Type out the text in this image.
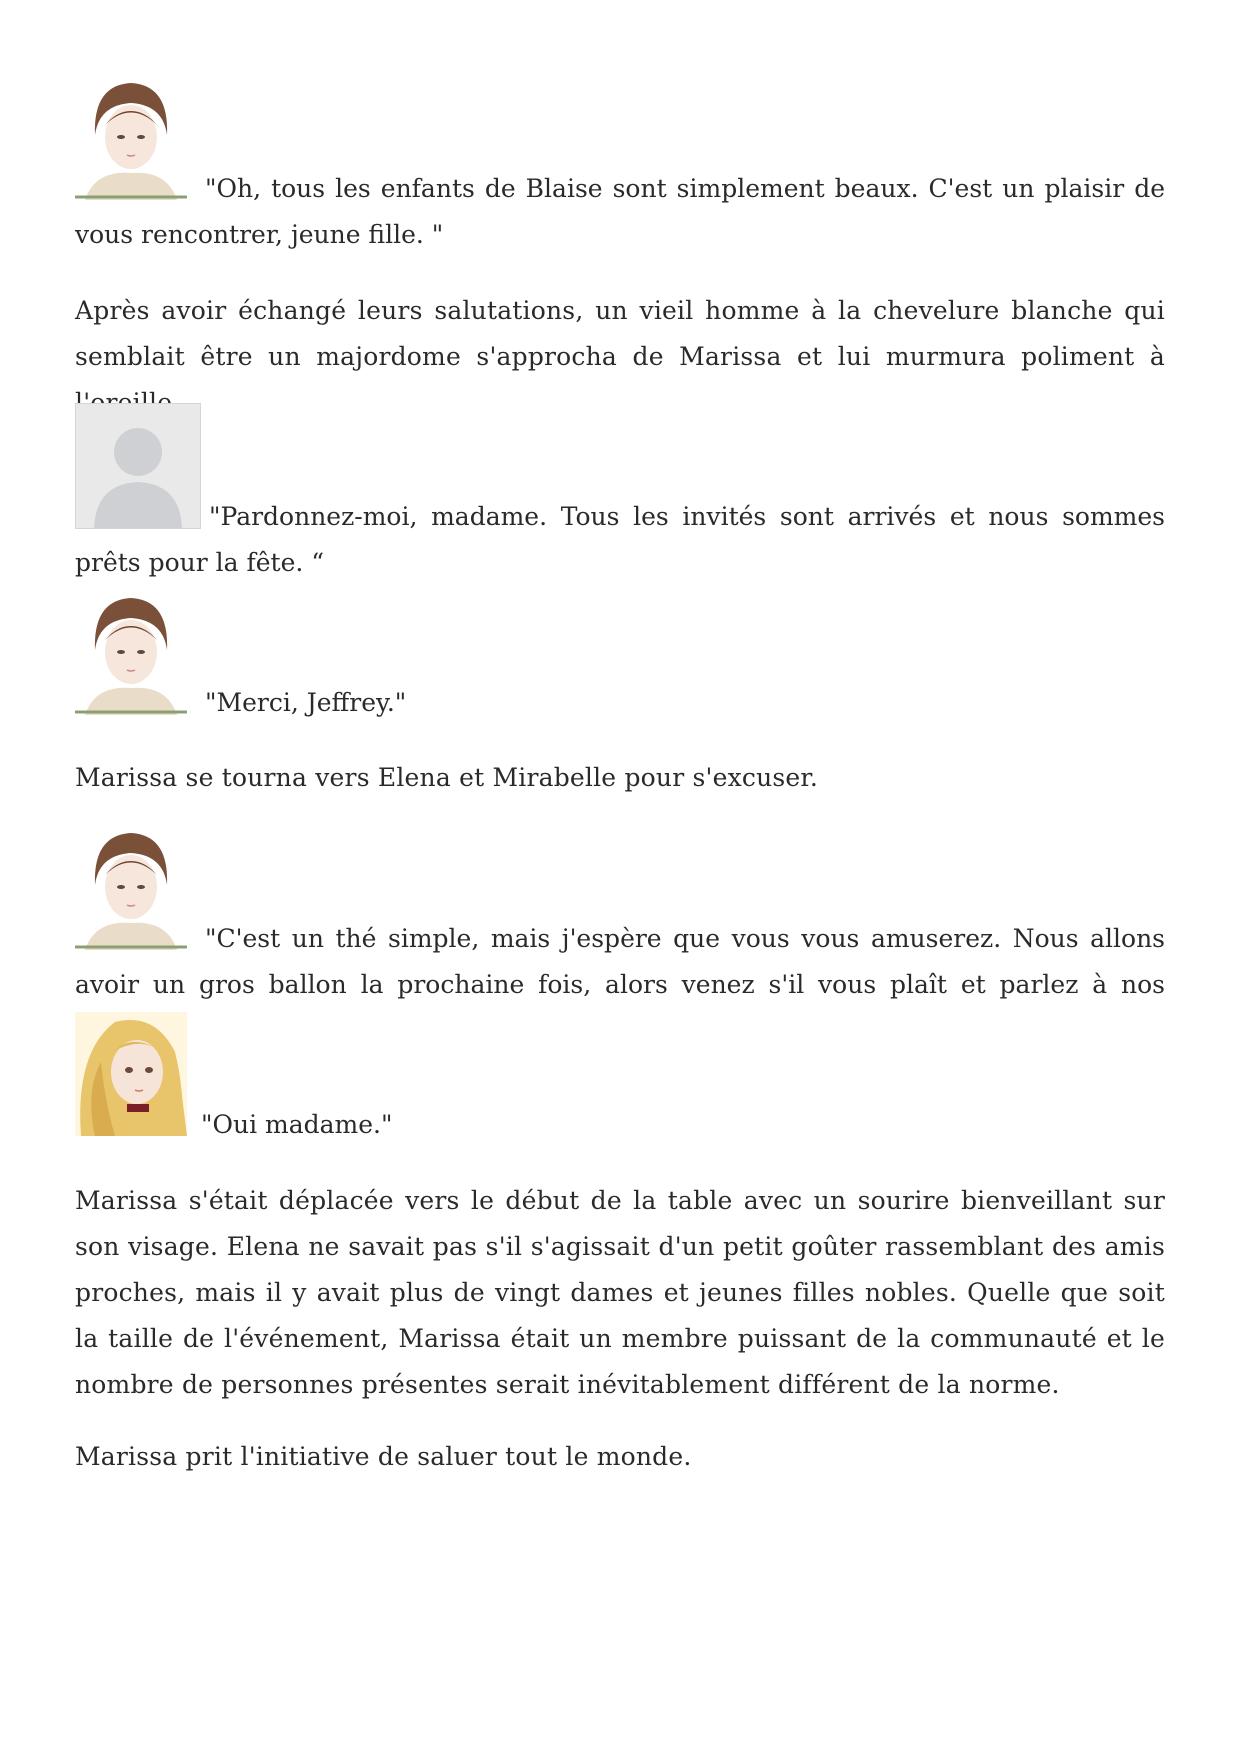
"Oh, tous les enfants de Blaise sont simplement beaux. C'est un plaisir de vous rencontrer, jeune fille. "

Après avoir échangé leurs salutations, un vieil homme à la chevelure blanche qui semblait être un majordome s'approcha de Marissa et lui murmura poliment à

"Pardonnez-moi, madame. Tous les invités sont arrivés et nous sommes prêts pour la fête. “
"Merci, Jeffrey."

Marissa se tourna vers Elena et Mirabelle pour s'excuser.

"C'est un thé simple, mais j'espère que vous vous amuserez. Nous allons avoir un gros ballon la prochaine fois, alors venez s'il vous plaît et parlez à nos
"Oui madame."

Marissa s'était déplacée vers le début de la table avec un sourire bienveillant sur son visage. Elena ne savait pas s'il s'agissait d'un petit goûter rassemblant des amis proches, mais il y avait plus de vingt dames et jeunes filles nobles. Quelle que soit la taille de l'événement, Marissa était un membre puissant de la communauté et le nombre de personnes présentes serait inévitablement différent de la norme.

Marissa prit l'initiative de saluer tout le monde.
